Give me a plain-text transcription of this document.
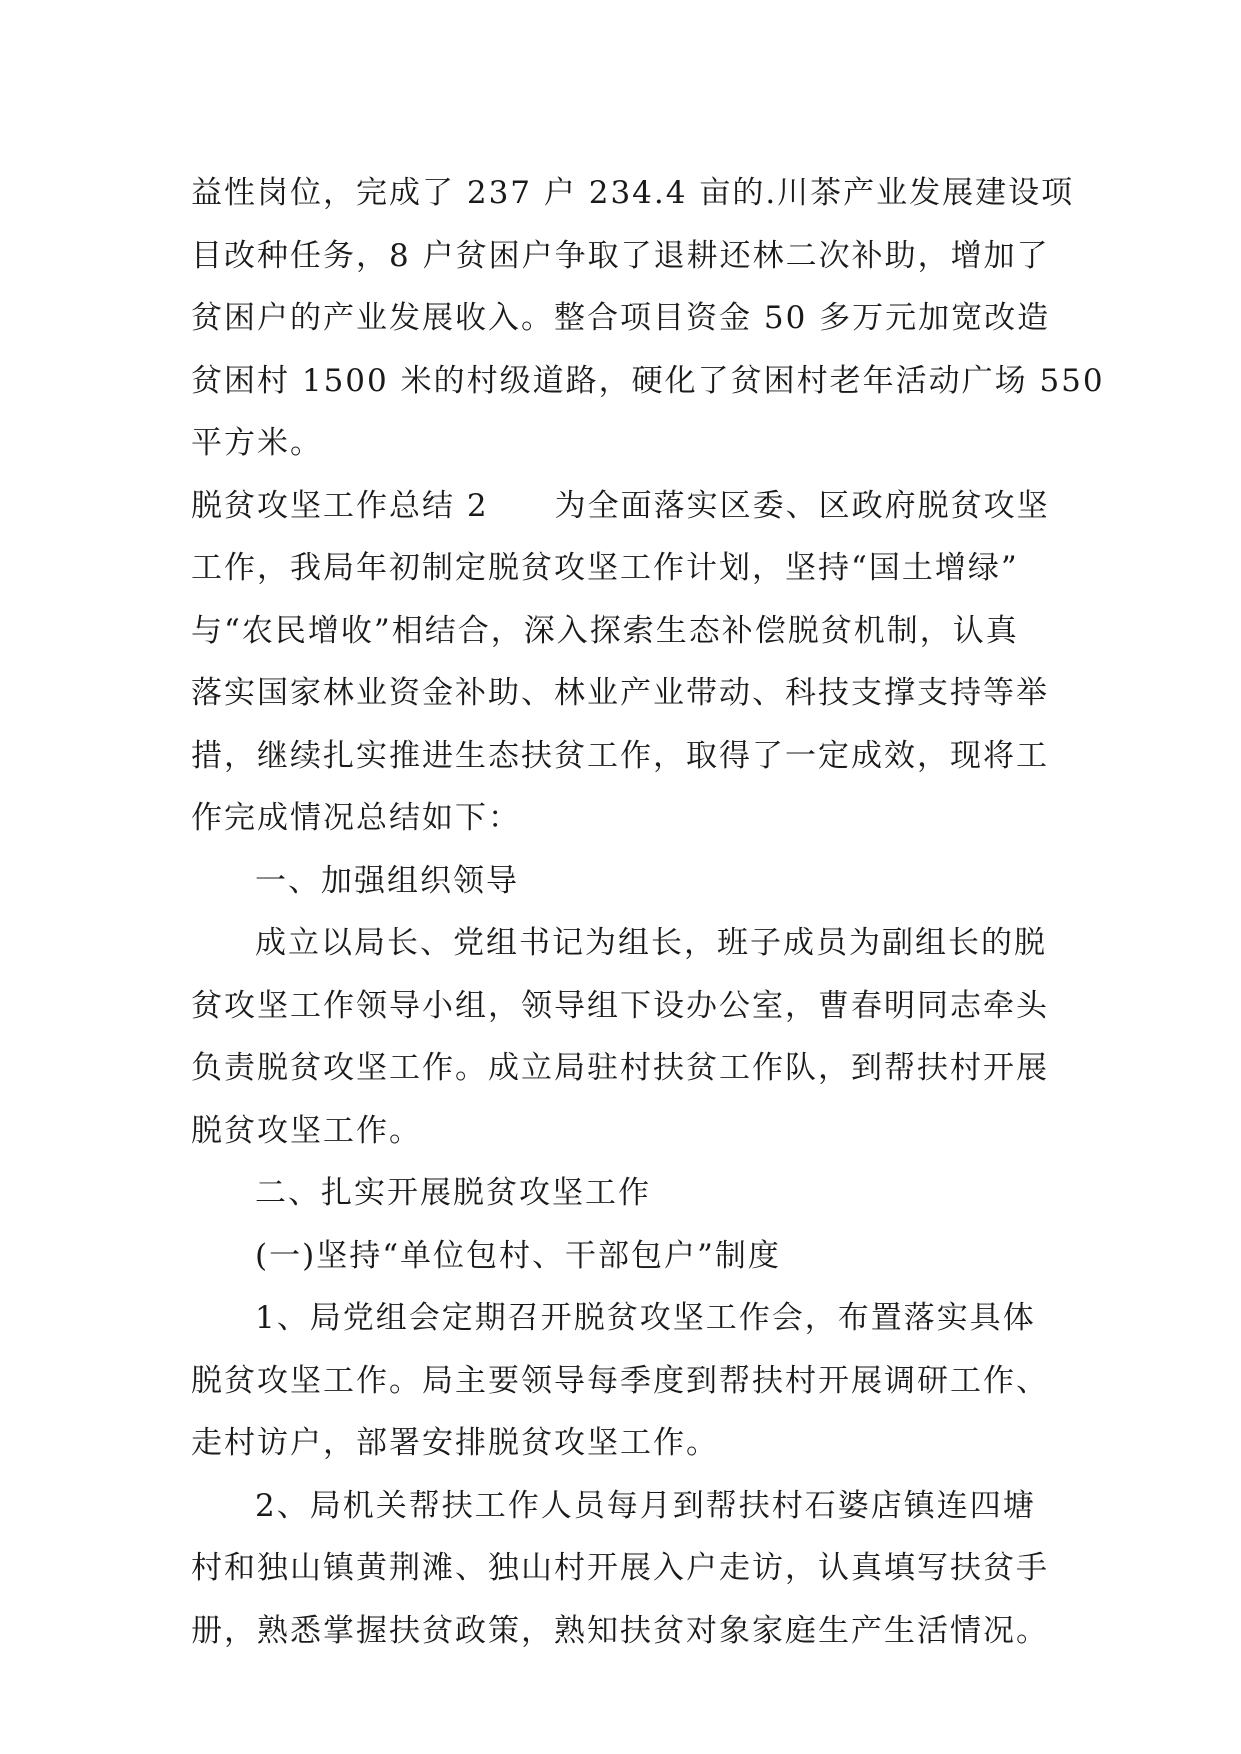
益性岗位，完成了 237 户 234.4 亩的.川茶产业发展建设项
目改种任务，8 户贫困户争取了退耕还林二次补助，增加了
贫困户的产业发展收入。整合项目资金 50 多万元加宽改造
贫困村 1500 米的村级道路，硬化了贫困村老年活动广场 550
平方米。
脱贫攻坚工作总结 2　　为全面落实区委、区政府脱贫攻坚
工作，我局年初制定脱贫攻坚工作计划，坚持“国土增绿”
与“农民增收”相结合，深入探索生态补偿脱贫机制，认真
落实国家林业资金补助、林业产业带动、科技支撑支持等举
措，继续扎实推进生态扶贫工作，取得了一定成效，现将工
作完成情况总结如下：
一、加强组织领导
成立以局长、党组书记为组长，班子成员为副组长的脱
贫攻坚工作领导小组，领导组下设办公室，曹春明同志牵头
负责脱贫攻坚工作。成立局驻村扶贫工作队，到帮扶村开展
脱贫攻坚工作。
二、扎实开展脱贫攻坚工作
(一)坚持“单位包村、干部包户”制度
1、局党组会定期召开脱贫攻坚工作会，布置落实具体
脱贫攻坚工作。局主要领导每季度到帮扶村开展调研工作、
走村访户，部署安排脱贫攻坚工作。
2、局机关帮扶工作人员每月到帮扶村石婆店镇连四塘
村和独山镇黄荆滩、独山村开展入户走访，认真填写扶贫手
册，熟悉掌握扶贫政策，熟知扶贫对象家庭生产生活情况。
